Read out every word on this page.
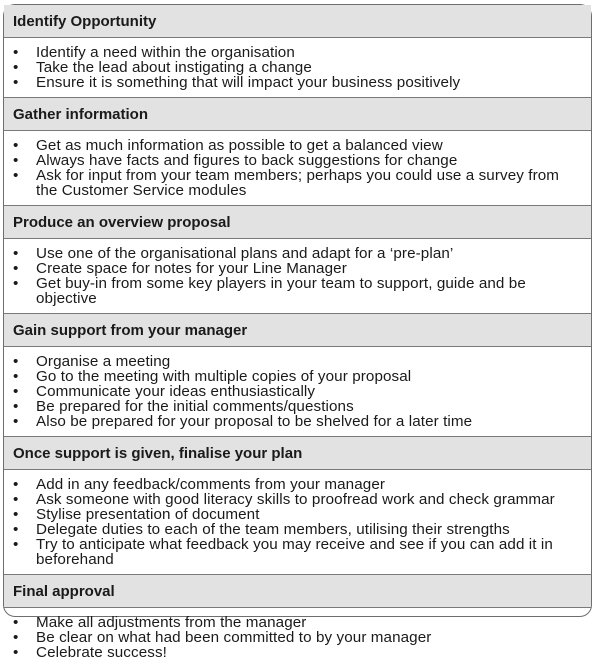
Identify Opportunity
•	Identify a need within the organisation
•	Take the lead about instigating a change
•	Ensure it is something that will impact your business positively
Gather information
•	Get as much information as possible to get a balanced view
•	Always have facts and figures to back suggestions for change
•	Ask for input from your team members; perhaps you could use a survey from the Customer Service modules
Produce an overview proposal
•	Use one of the organisational plans and adapt for a ‘pre-plan’
•	Create space for notes for your Line Manager
•	Get buy-in from some key players in your team to support, guide and be objective
Gain support from your manager
•	Organise a meeting
•	Go to the meeting with multiple copies of your proposal
•	Communicate your ideas enthusiastically
•	Be prepared for the initial comments/questions
•	Also be prepared for your proposal to be shelved for a later time
Once support is given, finalise your plan
•	Add in any feedback/comments from your manager
•	Ask someone with good literacy skills to proofread work and check grammar
•	Stylise presentation of document
•	Delegate duties to each of the team members, utilising their strengths
•	Try to anticipate what feedback you may receive and see if you can add it in beforehand
Final approval
•	Make all adjustments from the manager
•	Be clear on what had been committed to by your manager
•	Celebrate success!
